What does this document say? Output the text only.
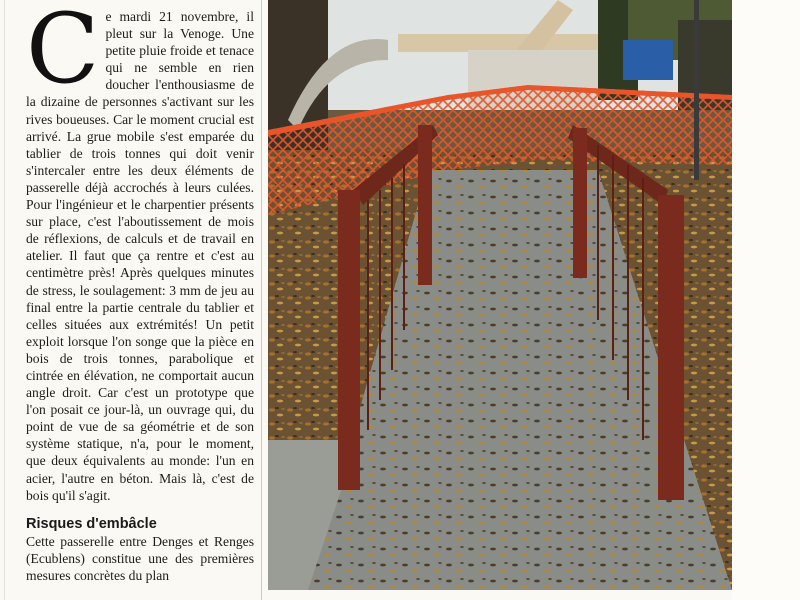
Ce mardi 21 novembre, il pleut sur la Venoge. Une petite pluie froide et tenace qui ne semble en rien doucher l'enthousiasme de la dizaine de personnes s'activant sur les rives boueuses. Car le moment crucial est arrivé. La grue mobile s'est emparée du tablier de trois tonnes qui doit venir s'intercaler entre les deux éléments de passerelle déjà accrochés à leurs culées. Pour l'ingénieur et le charpentier présents sur place, c'est l'aboutissement de mois de réflexions, de calculs et de travail en atelier. Il faut que ça rentre et c'est au centimètre près! Après quelques minutes de stress, le soulagement: 3 mm de jeu au final entre la partie centrale du tablier et celles situées aux extrémités! Un petit exploit lorsque l'on songe que la pièce en bois de trois tonnes, parabolique et cintrée en élévation, ne comportait aucun angle droit. Car c'est un prototype que l'on posait ce jour-là, un ouvrage qui, du point de vue de sa géométrie et de son système statique, n'a, pour le moment, que deux équivalents au monde: l'un en acier, l'autre en béton. Mais là, c'est de bois qu'il s'agit.

Risques d'embâcle

Cette passerelle entre Denges et Renges (Ecublens) constitue une des premières mesures concrètes du plan
